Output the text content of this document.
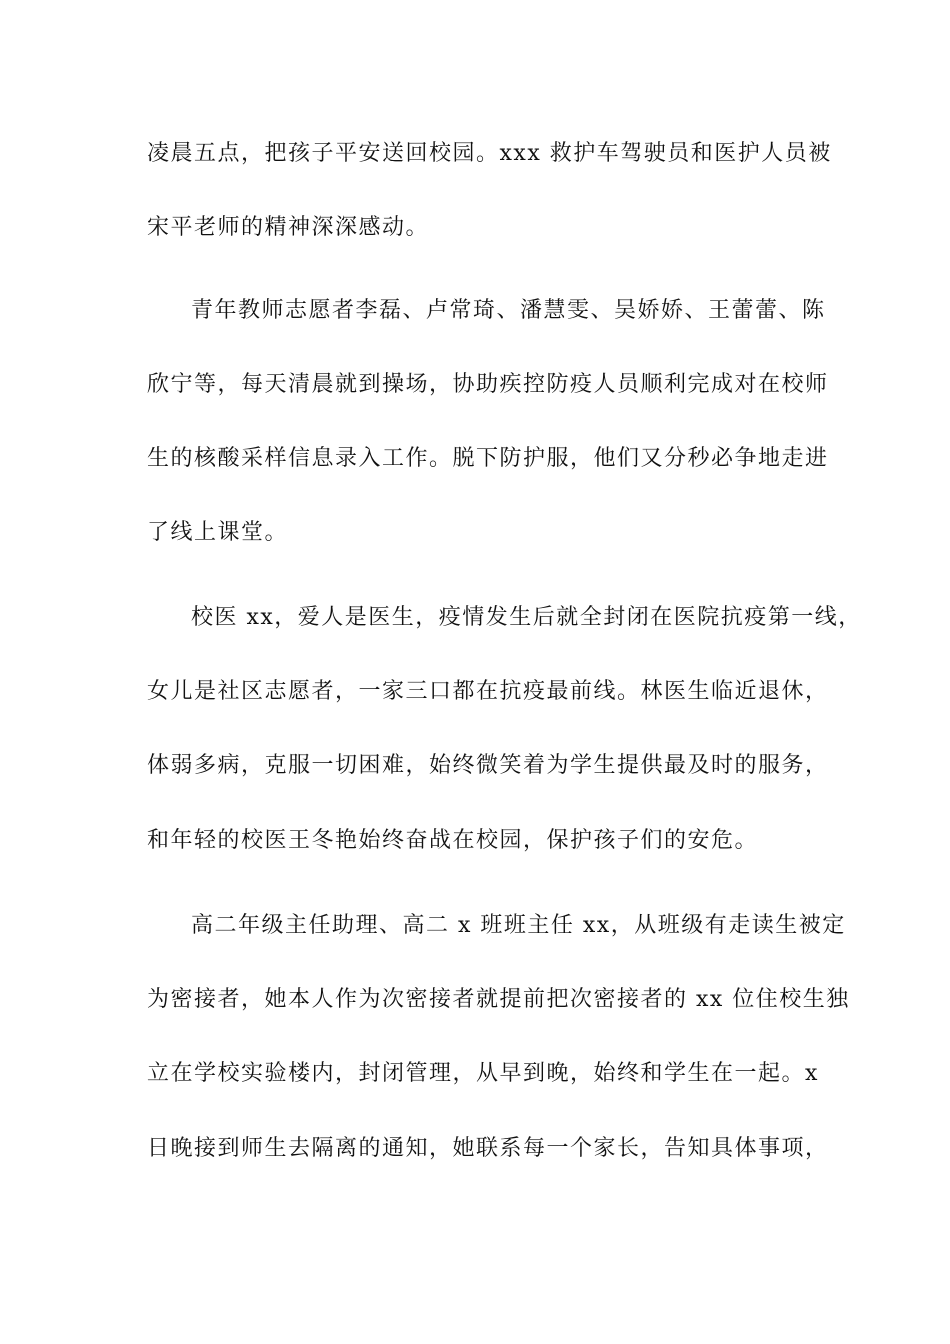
凌晨五点，把孩子平安送回校园。xxx 救护车驾驶员和医护人员被
宋平老师的精神深深感动。
青年教师志愿者李磊、卢常琦、潘慧雯、吴娇娇、王蕾蕾、陈
欣宁等，每天清晨就到操场，协助疾控防疫人员顺利完成对在校师
生的核酸采样信息录入工作。脱下防护服，他们又分秒必争地走进
了线上课堂。
校医 xx，爱人是医生，疫情发生后就全封闭在医院抗疫第一线，
女儿是社区志愿者，一家三口都在抗疫最前线。林医生临近退休，
体弱多病，克服一切困难，始终微笑着为学生提供最及时的服务，
和年轻的校医王冬艳始终奋战在校园，保护孩子们的安危。
高二年级主任助理、高二 x 班班主任 xx，从班级有走读生被定
为密接者，她本人作为次密接者就提前把次密接者的 xx 位住校生独
立在学校实验楼内，封闭管理，从早到晚，始终和学生在一起。x
日晚接到师生去隔离的通知，她联系每一个家长，告知具体事项，
